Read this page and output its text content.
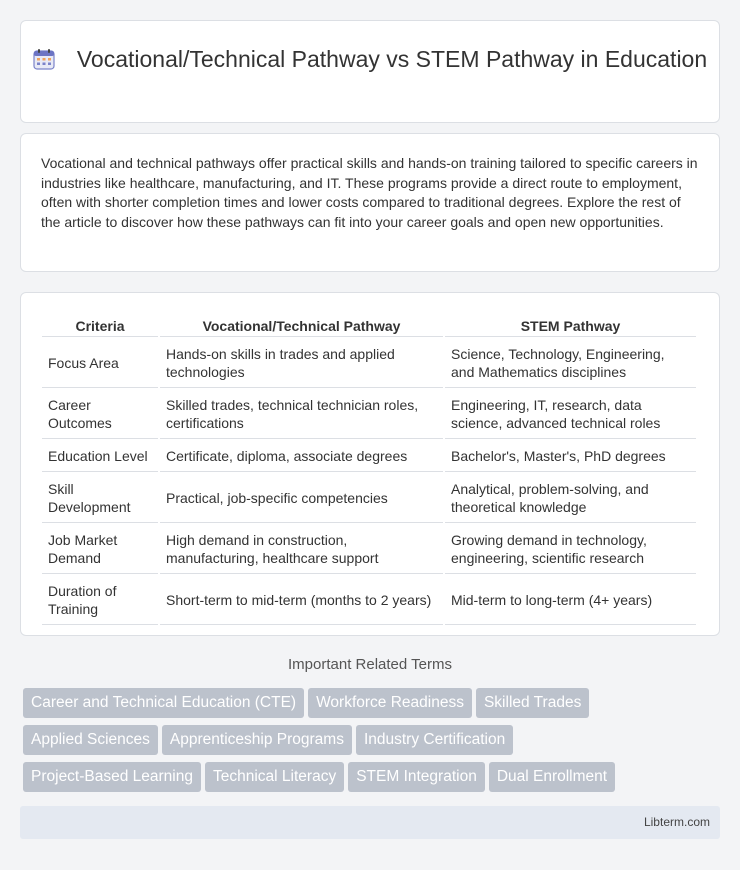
Vocational/Technical Pathway vs STEM Pathway in Education

Vocational and technical pathways offer practical skills and hands-on training tailored to specific careers in industries like healthcare, manufacturing, and IT. These programs provide a direct route to employment, often with shorter completion times and lower costs compared to traditional degrees. Explore the rest of the article to discover how these pathways can fit into your career goals and open new opportunities.

Criteria	Vocational/Technical Pathway	STEM Pathway
Focus Area	Hands-on skills in trades and applied technologies	Science, Technology, Engineering, and Mathematics disciplines
Career Outcomes	Skilled trades, technical technician roles, certifications	Engineering, IT, research, data science, advanced technical roles
Education Level	Certificate, diploma, associate degrees	Bachelor's, Master's, PhD degrees
Skill Development	Practical, job-specific competencies	Analytical, problem-solving, and theoretical knowledge
Job Market Demand	High demand in construction, manufacturing, healthcare support	Growing demand in technology, engineering, scientific research
Duration of Training	Short-term to mid-term (months to 2 years)	Mid-term to long-term (4+ years)
Important Related Terms
Career and Technical Education (CTE) Workforce Readiness Skilled Trades
Applied Sciences Apprenticeship Programs Industry Certification
Project-Based Learning Technical Literacy STEM Integration Dual Enrollment
Libterm.com
